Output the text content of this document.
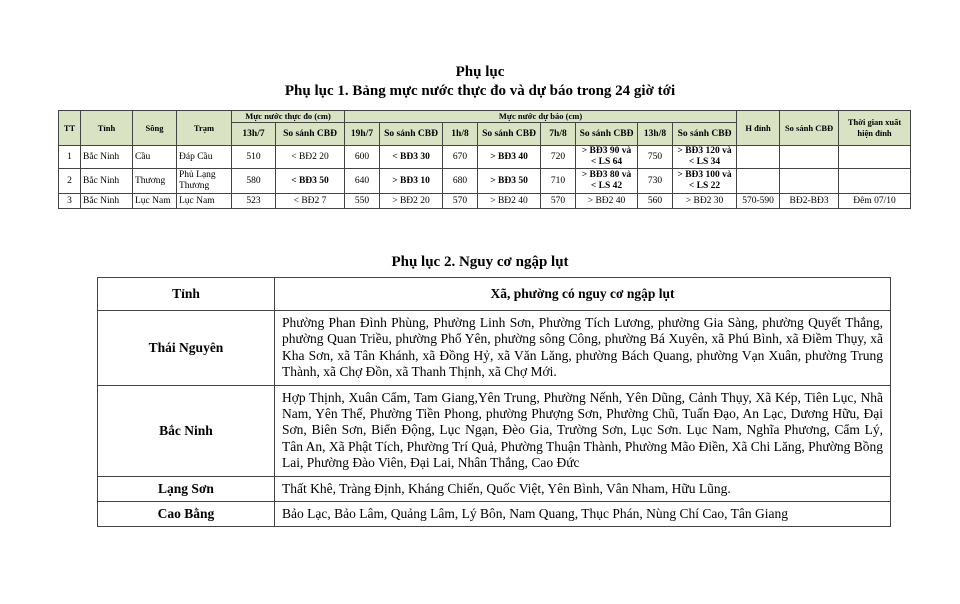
Phụ lục
Phụ lục 1. Bảng mực nước thực đo và dự báo trong 24 giờ tới
TT	Tỉnh	Sông	Trạm	Mực nước thực đo (cm)		Mực nước dự báo (cm)								H đỉnh	So sánh CBĐ	Thời gian xuất hiện đỉnh
				13h/7	So sánh CBĐ	19h/7	So sánh CBĐ	1h/8	So sánh CBĐ	7h/8	So sánh CBĐ	13h/8	So sánh CBĐ			
1	Bắc Ninh	Cầu	Đáp Cầu	510	< BĐ2 20	600	< BĐ3 30	670	> BĐ3 40	720	> BĐ3 90 và < LS 64	750	> BĐ3 120 và < LS 34			
2	Bắc Ninh	Thương	Phủ Lạng Thương	580	< BĐ3 50	640	> BĐ3 10	680	> BĐ3 50	710	> BĐ3 80 và < LS 42	730	> BĐ3 100 và < LS 22			
3	Bắc Ninh	Lục Nam	Lục Nam	523	< BĐ2 7	550	> BĐ2 20	570	> BĐ2 40	570	> BĐ2 40	560	> BĐ2 30	570-590	BĐ2-BĐ3	Đêm 07/10
Phụ lục 2. Nguy cơ ngập lụt
Tỉnh	Xã, phường có nguy cơ ngập lụt
Thái Nguyên	Phường Phan Đình Phùng, Phường Linh Sơn, Phường Tích Lương, phường Gia Sàng, phường Quyết Thắng, phường Quan Triều, phường Phổ Yên, phường sông Công, phường Bá Xuyên, xã Phú Bình, xã Điềm Thụy, xã Kha Sơn, xã Tân Khánh, xã Đồng Hỷ, xã Văn Lăng, phường Bách Quang, phường Vạn Xuân, phường Trung Thành, xã Chợ Đồn, xã Thanh Thịnh, xã Chợ Mới.
Bắc Ninh	Hợp Thịnh, Xuân Cẩm, Tam Giang,Yên Trung, Phường Nếnh, Yên Dũng, Cảnh Thụy, Xã Kép, Tiên Lục, Nhã Nam, Yên Thế, Phường Tiền Phong, phường Phượng Sơn, Phường Chũ, Tuấn Đạo, An Lạc, Dương Hữu, Đại Sơn, Biên Sơn, Biển Động, Lục Ngạn, Đèo Gia, Trường Sơn, Lục Sơn. Lục Nam, Nghĩa Phương, Cẩm Lý, Tân An, Xã Phật Tích, Phường Trí Quả, Phường Thuận Thành, Phường Mão Điền, Xã Chi Lăng, Phường Bồng Lai, Phường Đào Viên, Đại Lai, Nhân Thắng, Cao Đức
Lạng Sơn	Thất Khê, Tràng Định, Kháng Chiến, Quốc Việt, Yên Bình, Vân Nham, Hữu Lũng.
Cao Bằng	Bảo Lạc, Bảo Lâm, Quảng Lâm, Lý Bôn, Nam Quang, Thục Phán, Nùng Chí Cao, Tân Giang
